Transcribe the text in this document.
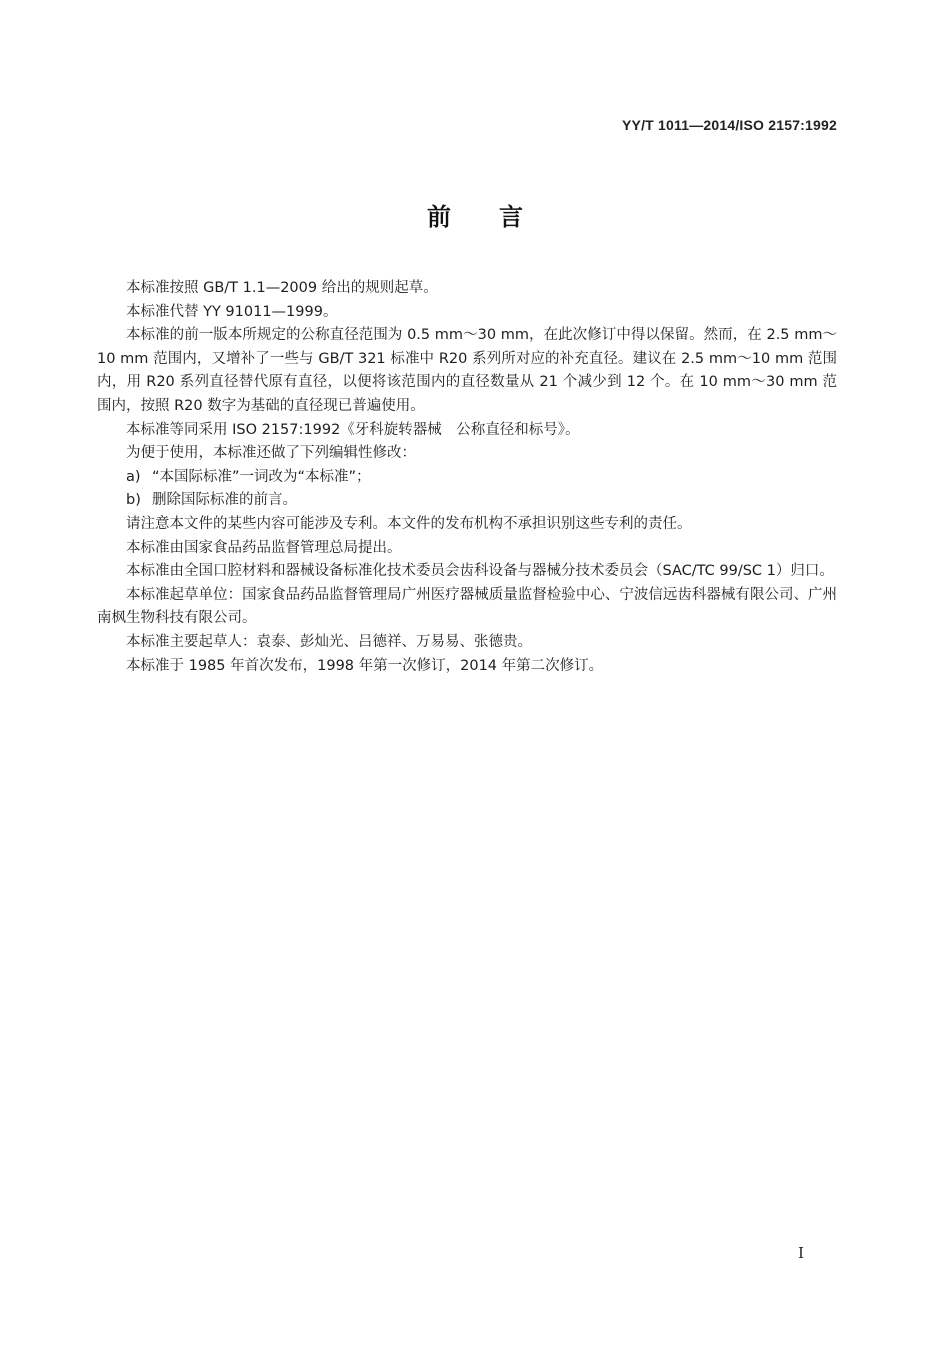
YY/T 1011—2014/ISO 2157:1992
前言

本标准按照 GB/T 1.1—2009 给出的规则起草。

本标准代替 YY 91011—1999。

本标准的前一版本所规定的公称直径范围为 0.5 mm～30 mm，在此次修订中得以保留。然而，在 2.5 mm～10 mm 范围内，又增补了一些与 GB/T 321 标准中 R20 系列所对应的补充直径。建议在 2.5 mm～10 mm 范围内，用 R20 系列直径替代原有直径，以便将该范围内的直径数量从 21 个减少到 12 个。在 10 mm～30 mm 范围内，按照 R20 数字为基础的直径现已普遍使用。

本标准等同采用 ISO 2157:1992《牙科旋转器械　公称直径和标号》。

为便于使用，本标准还做了下列编辑性修改：

a) “本国际标准”一词改为“本标准”；

b) 删除国际标准的前言。

请注意本文件的某些内容可能涉及专利。本文件的发布机构不承担识别这些专利的责任。

本标准由国家食品药品监督管理总局提出。

本标准由全国口腔材料和器械设备标准化技术委员会齿科设备与器械分技术委员会（SAC/TC 99/SC 1）归口。

本标准起草单位：国家食品药品监督管理局广州医疗器械质量监督检验中心、宁波信远齿科器械有限公司、广州南枫生物科技有限公司。

本标准主要起草人：袁泰、彭灿光、吕德祥、万易易、张德贵。

本标准于 1985 年首次发布，1998 年第一次修订，2014 年第二次修订。

I
